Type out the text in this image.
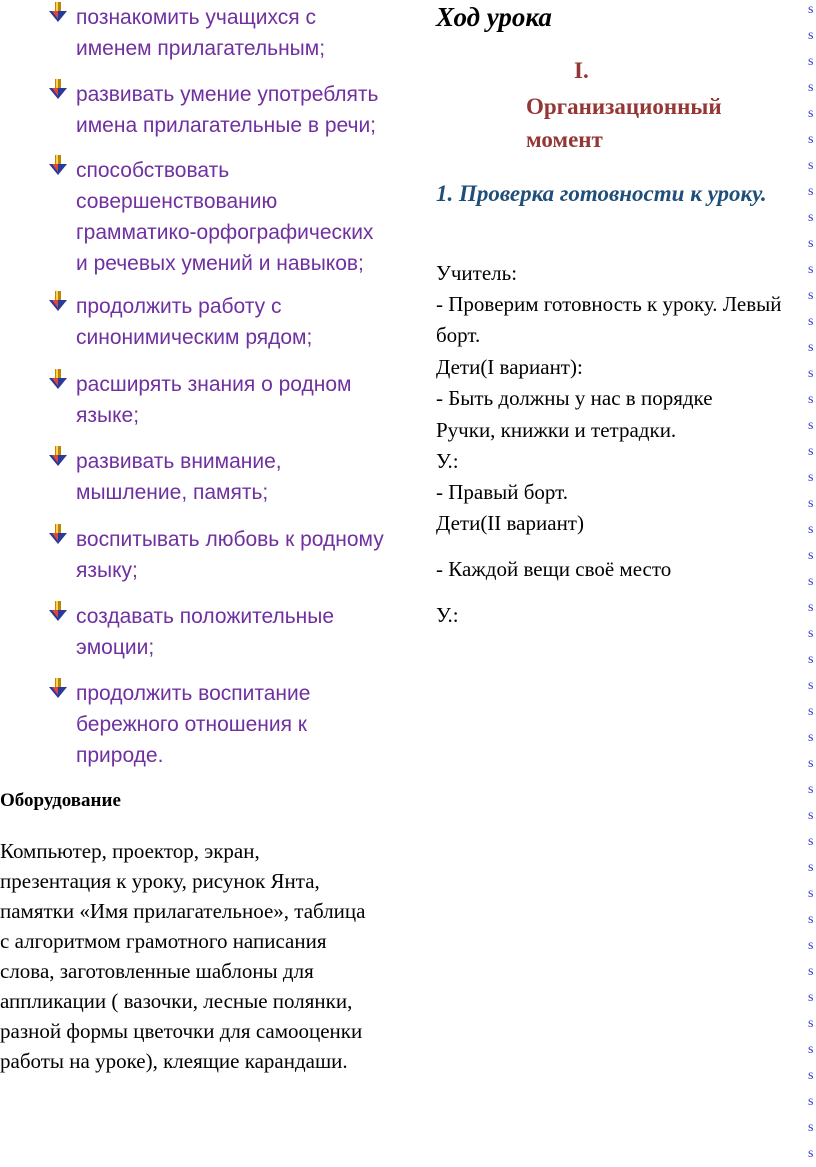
познакомить учащихся с именем прилагательным;
развивать умение употреблять имена прилагательные в речи;
способствовать совершенствованию грамматико-орфографических и речевых умений и навыков;
продолжить работу с синонимическим рядом;
расширять знания о родном языке;
развивать внимание, мышление, память;
воспитывать любовь к родному языку;
создавать положительные эмоции;
продолжить воспитание бережного отношения к природе.
Оборудование
Компьютер, проектор, экран, презентация к уроку, рисунок Янта, памятки «Имя прилагательное», таблица с алгоритмом грамотного написания слова, заготовленные шаблоны для аппликации ( вазочки, лесные полянки, разной формы цветочки для самооценки работы на уроке), клеящие карандаши.
Ход урока
I.
Организационный момент
1. Проверка готовности к уроку.
Учитель:
- Проверим готовность к уроку. Левый
борт.
Дети(I вариант):
- Быть должны у нас в порядке
Ручки, книжки и тетрадки.
У.:
- Правый борт.
Дети(II вариант)
- Каждой вещи своё место
У.:
s
s
s
s
s
s
s
s
s
s
s
s
s
s
s
s
s
s
s
s
s
s
s
s
s
s
s
s
s
s
s
s
s
s
s
s
s
s
s
s
s
s
s
s
s
